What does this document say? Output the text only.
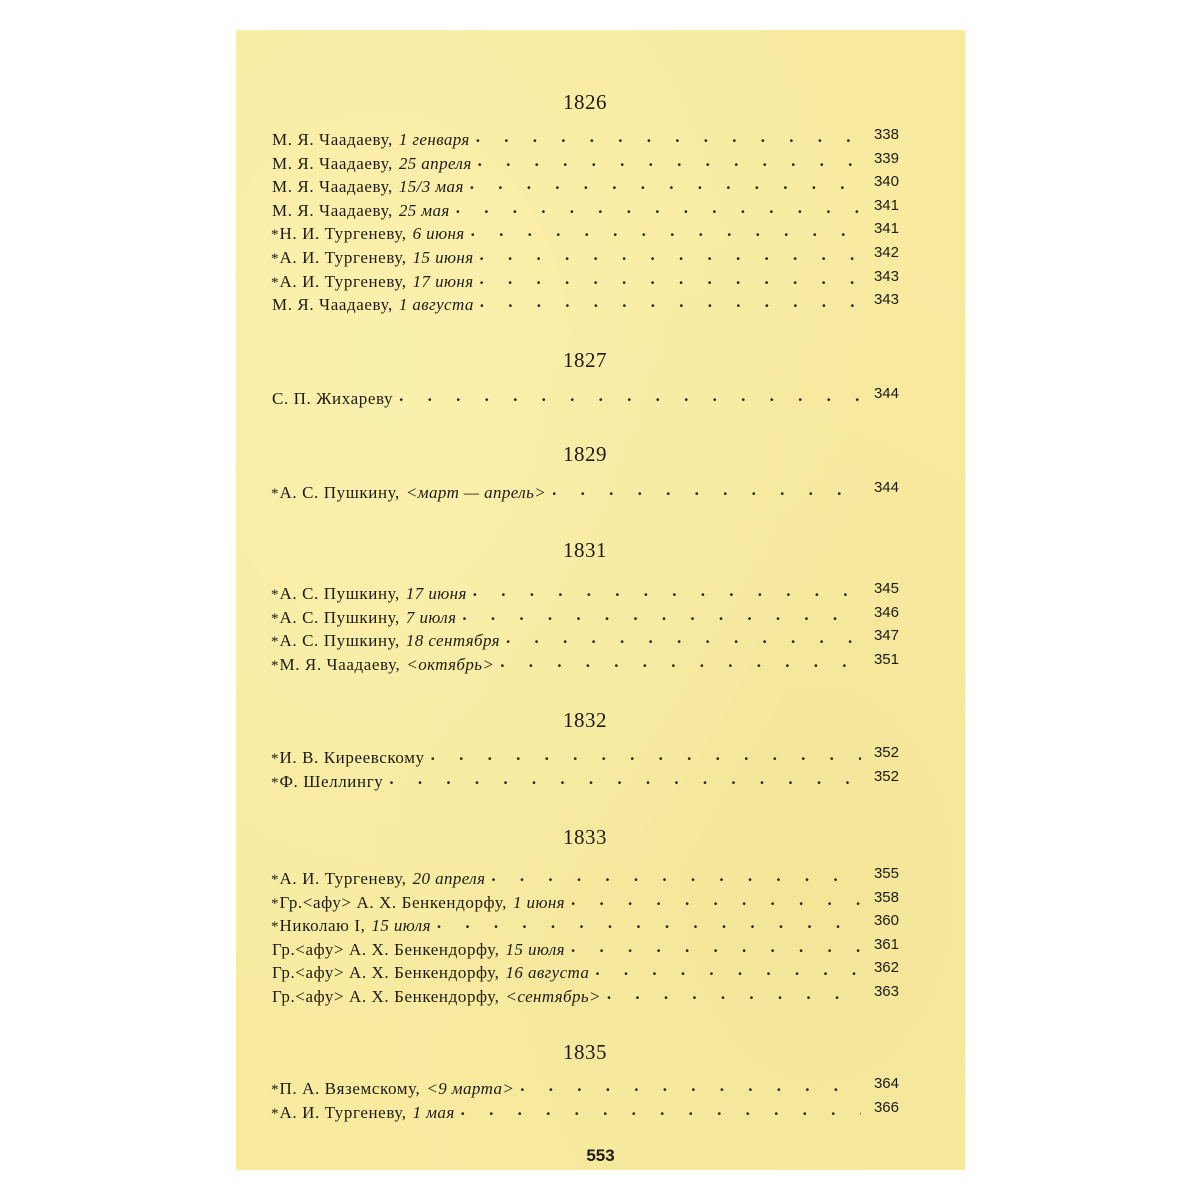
1826
М. Я. Чаадаеву, 1 генваря . . .	338
М. Я. Чаадаеву, 25 апреля . . .	339
М. Я. Чаадаеву, 15/3 мая . . .	340
М. Я. Чаадаеву, 25 мая . . .	341
* Н. И. Тургеневу, 6 июня . . .	341
* А. И. Тургеневу, 15 июня . . .	342
* А. И. Тургеневу, 17 июня . . .	343
М. Я. Чаадаеву, 1 августа . . .	343
1827
С. П. Жихареву . . .	344
1829
* А. С. Пушкину, <март — апрель> . . .	344
1831
* А. С. Пушкину, 17 июня . . .	345
* А. С. Пушкину, 7 июля . . .	346
* А. С. Пушкину, 18 сентября . . .	347
* М. Я. Чаадаеву, <октябрь> . . .	351
1832
* И. В. Киреевскому . . .	352
* Ф. Шеллингу . . .	352
1833
* А. И. Тургеневу, 20 апреля . . .	355
* Гр.<афу> А. Х. Бенкендорфу, 1 июня . . .	358
* Николаю I, 15 июля . . .	360
Гр.<афу> А. Х. Бенкендорфу, 15 июля . . .	361
Гр.<афу> А. Х. Бенкендорфу, 16 августа . . .	362
Гр.<афу> А. Х. Бенкендорфу, <сентябрь> . . .	363
1835
* П. А. Вяземскому, <9 марта> . . .	364
* А. И. Тургеневу, 1 мая . . .	366
553
